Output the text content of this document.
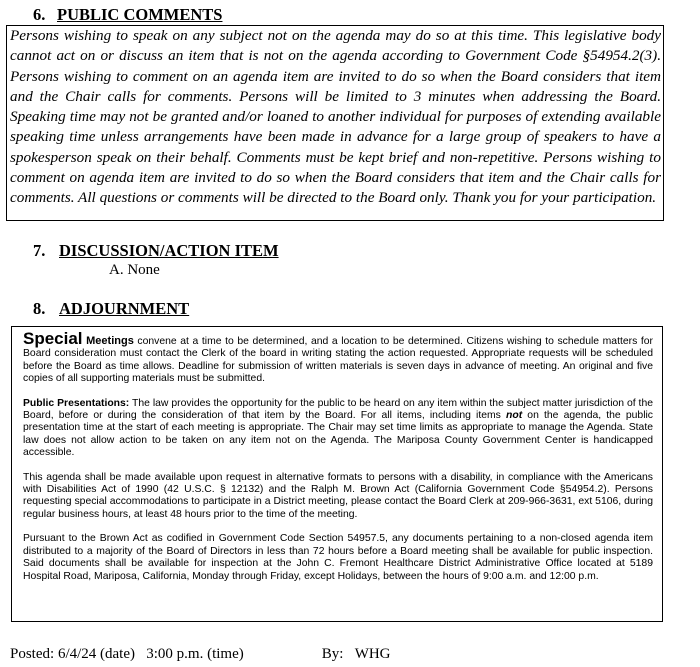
6. PUBLIC COMMENTS
Persons wishing to speak on any subject not on the agenda may do so at this time. This legislative body cannot act on or discuss an item that is not on the agenda according to Government Code §54954.2(3). Persons wishing to comment on an agenda item are invited to do so when the Board considers that item and the Chair calls for comments. Persons will be limited to 3 minutes when addressing the Board. Speaking time may not be granted and/or loaned to another individual for purposes of extending available speaking time unless arrangements have been made in advance for a large group of speakers to have a spokesperson speak on their behalf. Comments must be kept brief and non-repetitive. Persons wishing to comment on agenda item are invited to do so when the Board considers that item and the Chair calls for comments. All questions or comments will be directed to the Board only. Thank you for your participation.
7. DISCUSSION/ACTION ITEM
A. None
8. ADJOURNMENT

Special Meetings convene at a time to be determined, and a location to be determined. Citizens wishing to schedule matters for Board consideration must contact the Clerk of the board in writing stating the action requested. Appropriate requests will be scheduled before the Board as time allows. Deadline for submission of written materials is seven days in advance of meeting. An original and five copies of all supporting materials must be submitted.

Public Presentations: The law provides the opportunity for the public to be heard on any item within the subject matter jurisdiction of the Board, before or during the consideration of that item by the Board. For all items, including items not on the agenda, the public presentation time at the start of each meeting is appropriate. The Chair may set time limits as appropriate to manage the Agenda. State law does not allow action to be taken on any item not on the Agenda. The Mariposa County Government Center is handicapped accessible.

This agenda shall be made available upon request in alternative formats to persons with a disability, in compliance with the Americans with Disabilities Act of 1990 (42 U.S.C. § 12132) and the Ralph M. Brown Act (California Government Code §54954.2). Persons requesting special accommodations to participate in a District meeting, please contact the Board Clerk at 209-966-3631, ext 5106, during regular business hours, at least 48 hours prior to the time of the meeting.

Pursuant to the Brown Act as codified in Government Code Section 54957.5, any documents pertaining to a non-closed agenda item distributed to a majority of the Board of Directors in less than 72 hours before a Board meeting shall be available for public inspection. Said documents shall be available for inspection at the John C. Fremont Healthcare District Administrative Office located at 5189 Hospital Road, Mariposa, California, Monday through Friday, except Holidays, between the hours of 9:00 a.m. and 12:00 p.m.

Posted: 6/4/24 (date) 3:00 p.m. (time)	By: WHG
